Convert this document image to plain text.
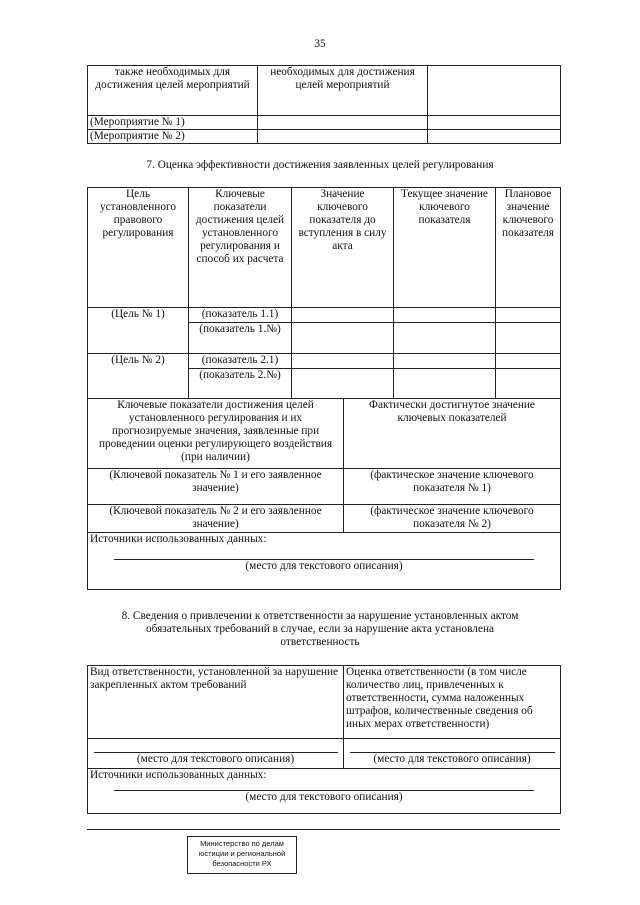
35
также необходимых для достижения целей мероприятий	необходимых для достижения целей мероприятий	
(Мероприятие № 1)		
(Мероприятие № 2)		
7. Оценка эффективности достижения заявленных целей регулирования
Цель установленного правового регулирования	Ключевые показатели достижения целей установленного регулирования и способ их расчета	Значение ключевого показателя до вступления в силу акта	Текущее значение ключевого показателя	Плановое значение ключевого показателя
(Цель № 1)	(показатель 1.1)			
	(показатель 1.№)			
(Цель № 2)	(показатель 2.1)			
	(показатель 2.№)			
Ключевые показатели достижения целей установленного регулирования и их прогнозируемые значения, заявленные при проведении оценки регулирующего воздействия (при наличии)	Фактически достигнутое значение ключевых показателей
(Ключевой показатель № 1 и его заявленное значение)	(фактическое значение ключевого показателя № 1)
(Ключевой показатель № 2 и его заявленное значение)	(фактическое значение ключевого показателя № 2)

Источники использованных данных:
(место для текстового описания)	
8. Сведения о привлечении к ответственности за нарушение установленных актом
обязательных требований в случае, если за нарушение акта установлена
ответственность
Вид ответственности, установленной за нарушение закрепленных актом требований	Оценка ответственности (в том числе количество лиц, привлеченных к ответственности, сумма наложенных штрафов, количественные сведения об иных мерах ответственности)

(место для текстового описания)	(место для текстового описания)

Источники использованных данных:
(место для текстового описания)	
Министерство по делам юстиции и региональной безопасности РХ
